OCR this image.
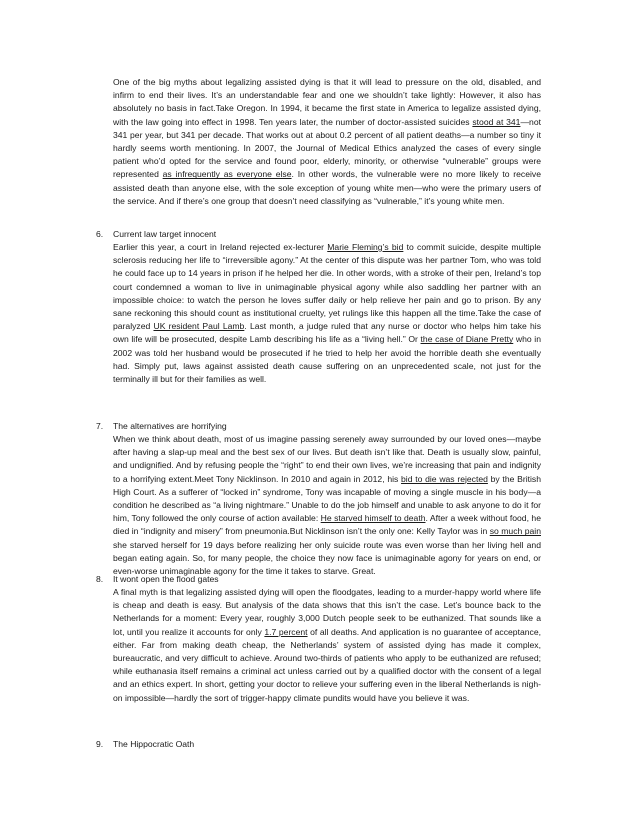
One of the big myths about legalizing assisted dying is that it will lead to pressure on the old, disabled, and infirm to end their lives. It’s an understandable fear and one we shouldn’t take lightly: However, it also has absolutely no basis in fact.Take Oregon. In 1994, it became the first state in America to legalize assisted dying, with the law going into effect in 1998. Ten years later, the number of doctor-assisted suicides stood at 341—not 341 per year, but 341 per decade. That works out at about 0.2 percent of all patient deaths—a number so tiny it hardly seems worth mentioning. In 2007, the Journal of Medical Ethics analyzed the cases of every single patient who’d opted for the service and found poor, elderly, minority, or otherwise “vulnerable” groups were represented as infrequently as everyone else. In other words, the vulnerable were no more likely to receive assisted death than anyone else, with the sole exception of young white men—who were the primary users of the service. And if there’s one group that doesn’t need classifying as “vulnerable,” it’s young white men.
6.	Current law target innocent
Earlier this year, a court in Ireland rejected ex-lecturer Marie Fleming’s bid to commit suicide, despite multiple sclerosis reducing her life to “irreversible agony.” At the center of this dispute was her partner Tom, who was told he could face up to 14 years in prison if he helped her die. In other words, with a stroke of their pen, Ireland’s top court condemned a woman to live in unimaginable physical agony while also saddling her partner with an impossible choice: to watch the person he loves suffer daily or help relieve her pain and go to prison. By any sane reckoning this should count as institutional cruelty, yet rulings like this happen all the time.Take the case of paralyzed UK resident Paul Lamb. Last month, a judge ruled that any nurse or doctor who helps him take his own life will be prosecuted, despite Lamb describing his life as a “living hell.” Or the case of Diane Pretty who in 2002 was told her husband would be prosecuted if he tried to help her avoid the horrible death she eventually had. Simply put, laws against assisted death cause suffering on an unprecedented scale, not just for the terminally ill but for their families as well.
7.	The alternatives are horrifying
When we think about death, most of us imagine passing serenely away surrounded by our loved ones—maybe after having a slap-up meal and the best sex of our lives. But death isn’t like that. Death is usually slow, painful, and undignified. And by refusing people the “right” to end their own lives, we’re increasing that pain and indignity to a horrifying extent.Meet Tony Nicklinson. In 2010 and again in 2012, his bid to die was rejected by the British High Court. As a sufferer of “locked in” syndrome, Tony was incapable of moving a single muscle in his body—a condition he described as “a living nightmare.” Unable to do the job himself and unable to ask anyone to do it for him, Tony followed the only course of action available: He starved himself to death. After a week without food, he died in “indignity and misery” from pneumonia.But Nicklinson isn’t the only one: Kelly Taylor was in so much pain she starved herself for 19 days before realizing her only suicide route was even worse than her living hell and began eating again. So, for many people, the choice they now face is unimaginable agony for years on end, or even-worse unimaginable agony for the time it takes to starve. Great.
8.	It wont open the flood gates
A final myth is that legalizing assisted dying will open the floodgates, leading to a murder-happy world where life is cheap and death is easy. But analysis of the data shows that this isn’t the case. Let’s bounce back to the Netherlands for a moment: Every year, roughly 3,000 Dutch people seek to be euthanized. That sounds like a lot, until you realize it accounts for only 1.7 percent of all deaths. And application is no guarantee of acceptance, either. Far from making death cheap, the Netherlands’ system of assisted dying has made it complex, bureaucratic, and very difficult to achieve. Around two-thirds of patients who apply to be euthanized are refused; while euthanasia itself remains a criminal act unless carried out by a qualified doctor with the consent of a legal and an ethics expert. In short, getting your doctor to relieve your suffering even in the liberal Netherlands is nigh-on impossible—hardly the sort of trigger-happy climate pundits would have you believe it was.
9.	The Hippocratic Oath
